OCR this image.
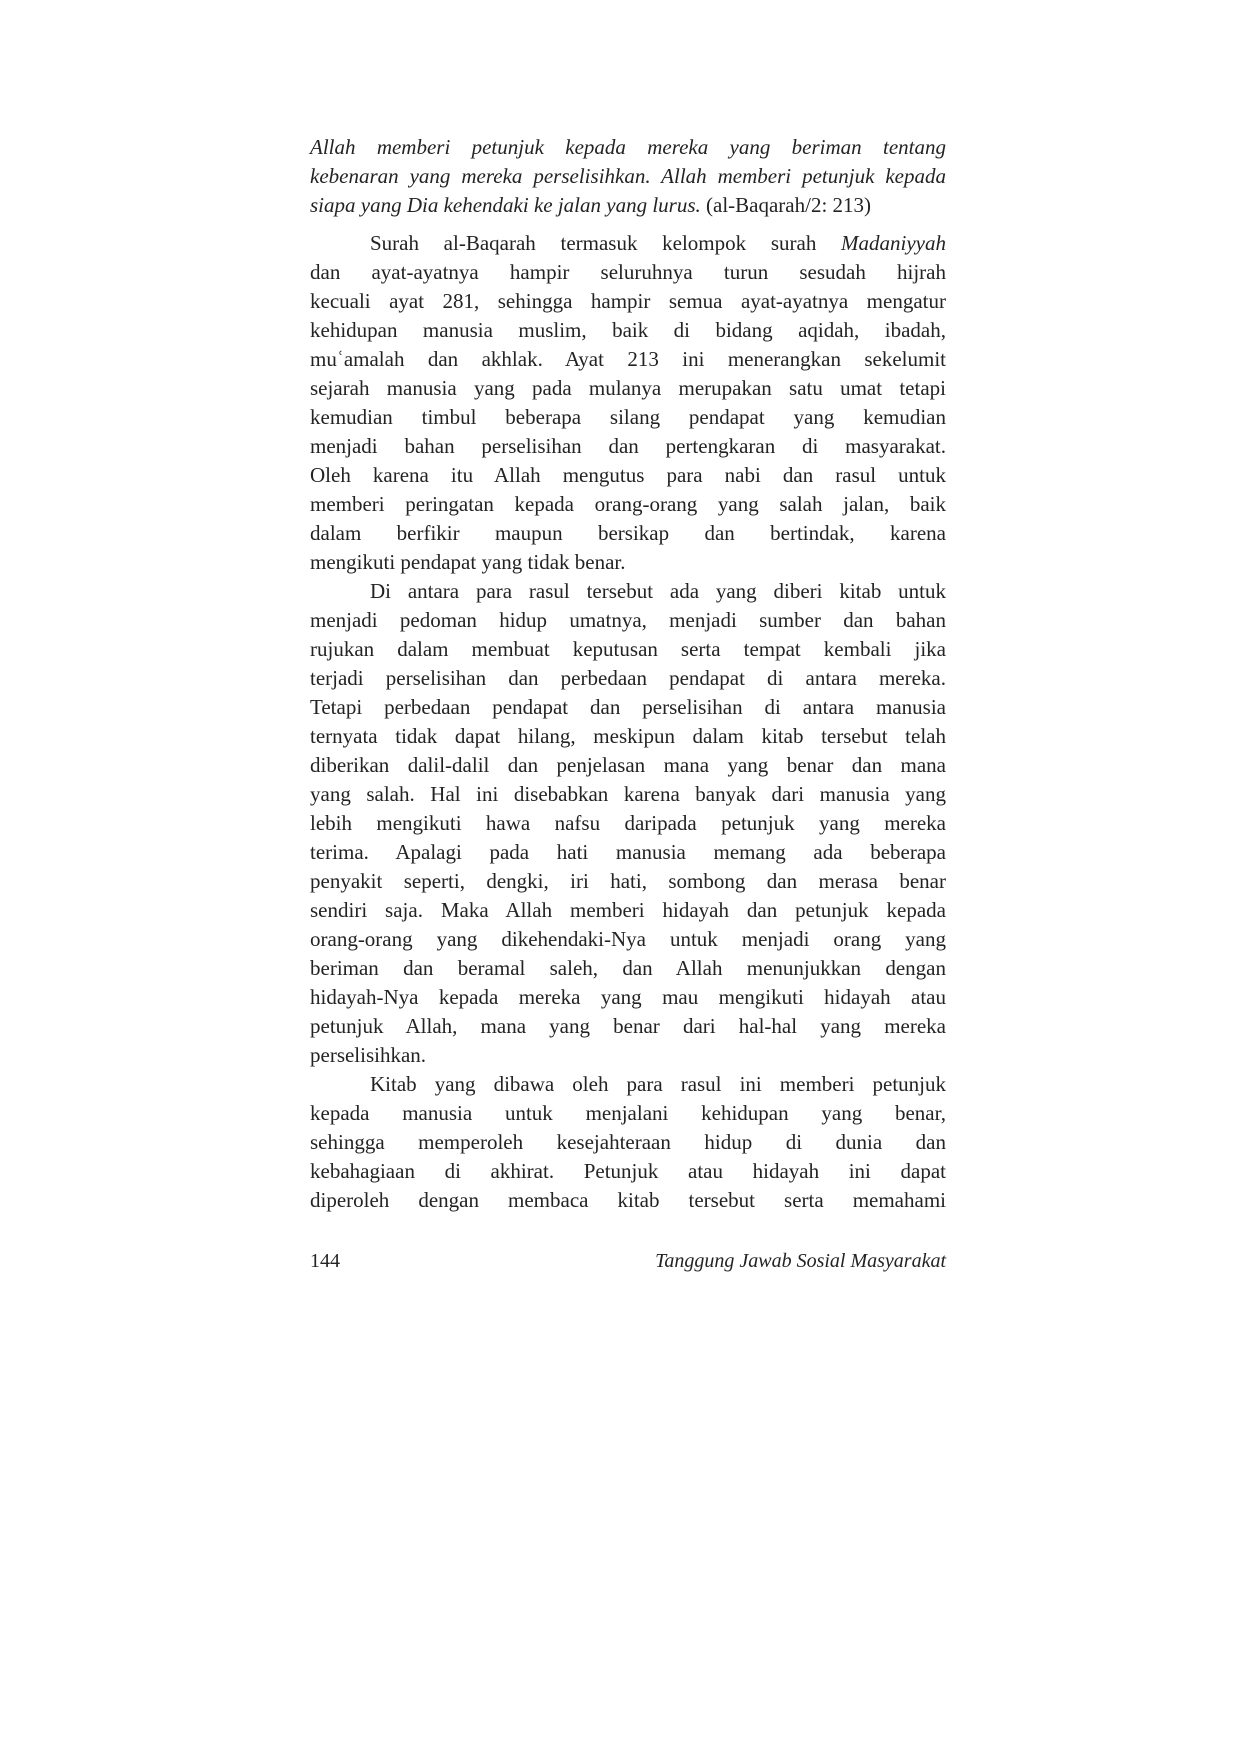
Allah memberi petunjuk kepada mereka yang beriman tentang
kebenaran yang mereka perselisihkan. Allah memberi petunjuk kepada
siapa yang Dia kehendaki ke jalan yang lurus. (al-Baqarah/2: 213)
Surah al-Baqarah termasuk kelompok surah Madaniyyah
dan ayat-ayatnya hampir seluruhnya turun sesudah hijrah
kecuali ayat 281, sehingga hampir semua ayat-ayatnya mengatur
kehidupan manusia muslim, baik di bidang aqidah, ibadah,
muʿamalah dan akhlak. Ayat 213 ini menerangkan sekelumit
sejarah manusia yang pada mulanya merupakan satu umat tetapi
kemudian timbul beberapa silang pendapat yang kemudian
menjadi bahan perselisihan dan pertengkaran di masyarakat.
Oleh karena itu Allah mengutus para nabi dan rasul untuk
memberi peringatan kepada orang-orang yang salah jalan, baik
dalam berfikir maupun bersikap dan bertindak, karena
mengikuti pendapat yang tidak benar.
Di antara para rasul tersebut ada yang diberi kitab untuk
menjadi pedoman hidup umatnya, menjadi sumber dan bahan
rujukan dalam membuat keputusan serta tempat kembali jika
terjadi perselisihan dan perbedaan pendapat di antara mereka.
Tetapi perbedaan pendapat dan perselisihan di antara manusia
ternyata tidak dapat hilang, meskipun dalam kitab tersebut telah
diberikan dalil-dalil dan penjelasan mana yang benar dan mana
yang salah. Hal ini disebabkan karena banyak dari manusia yang
lebih mengikuti hawa nafsu daripada petunjuk yang mereka
terima. Apalagi pada hati manusia memang ada beberapa
penyakit seperti, dengki, iri hati, sombong dan merasa benar
sendiri saja. Maka Allah memberi hidayah dan petunjuk kepada
orang-orang yang dikehendaki-Nya untuk menjadi orang yang
beriman dan beramal saleh, dan Allah menunjukkan dengan
hidayah-Nya kepada mereka yang mau mengikuti hidayah atau
petunjuk Allah, mana yang benar dari hal-hal yang mereka
perselisihkan.
Kitab yang dibawa oleh para rasul ini memberi petunjuk
kepada manusia untuk menjalani kehidupan yang benar,
sehingga memperoleh kesejahteraan hidup di dunia dan
kebahagiaan di akhirat. Petunjuk atau hidayah ini dapat
diperoleh dengan membaca kitab tersebut serta memahami
144	Tanggung Jawab Sosial Masyarakat
